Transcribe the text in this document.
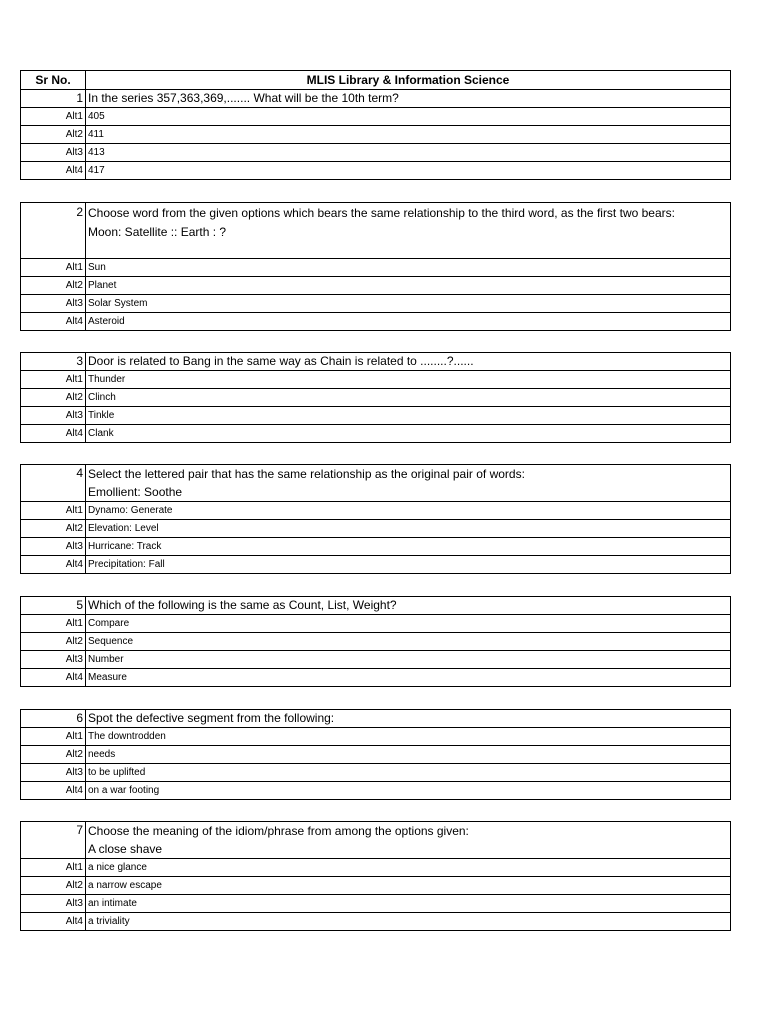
Sr No.	MLIS Library & Information Science
1	In the series 357,363,369,....... What will be the 10th term?
Alt1	405
Alt2	411
Alt3	413
Alt4	417
2	Choose word from the given options which bears the same relationship to the third word, as the first two bears:
Moon: Satellite :: Earth : ?
Alt1	Sun
Alt2	Planet
Alt3	Solar System
Alt4	Asteroid
3	Door is related to Bang in the same way as Chain is related to ........?......
Alt1	Thunder
Alt2	Clinch
Alt3	Tinkle
Alt4	Clank
4	Select the lettered pair that has the same relationship as the original pair of words:
Emollient: Soothe
Alt1	Dynamo: Generate
Alt2	Elevation: Level
Alt3	Hurricane: Track
Alt4	Precipitation: Fall
5	Which of the following is the same as Count, List, Weight?
Alt1	Compare
Alt2	Sequence
Alt3	Number
Alt4	Measure
6	Spot the defective segment from the following:
Alt1	The downtrodden
Alt2	needs
Alt3	to be uplifted
Alt4	on a war footing
7	Choose the meaning of the idiom/phrase from among the options given:
A close shave
Alt1	a nice glance
Alt2	a narrow escape
Alt3	an intimate
Alt4	a triviality
